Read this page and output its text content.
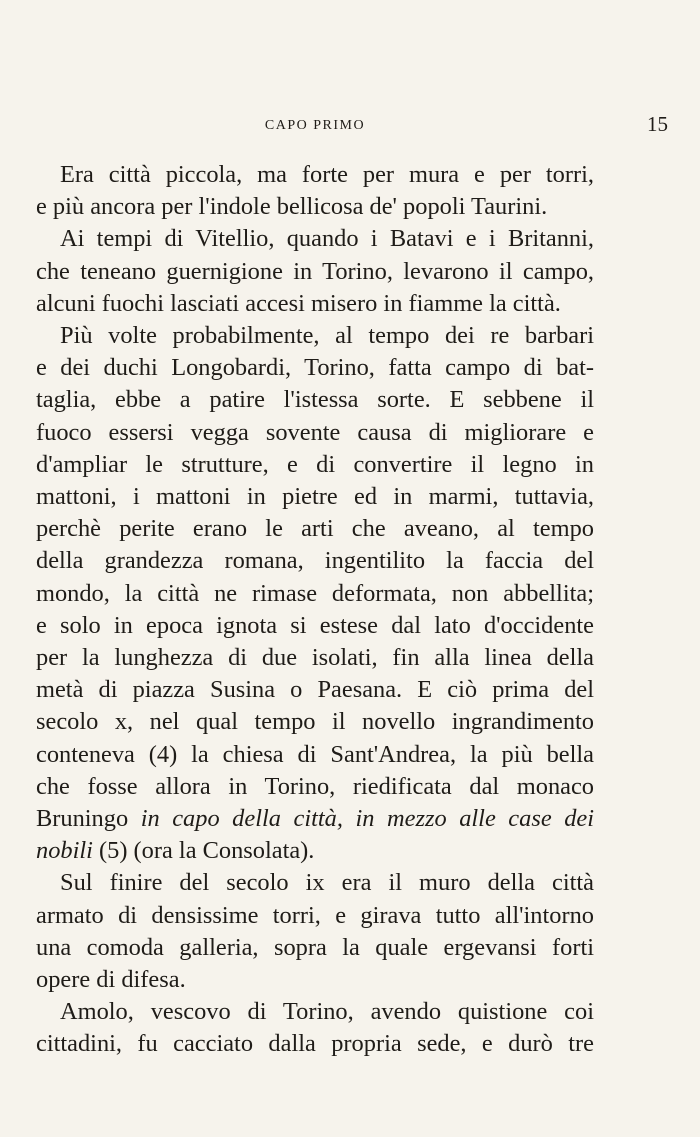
CAPO PRIMO	15

Era città piccola, ma forte per mura e per torri,
e più ancora per l'indole bellicosa de' popoli Taurini.

Ai tempi di Vitellio, quando i Batavi e i Britanni,
che teneano guernigione in Torino, levarono il campo,
alcuni fuochi lasciati accesi misero in fiamme la città.

Più volte probabilmente, al tempo dei re barbari
e dei duchi Longobardi, Torino, fatta campo di bat-
taglia, ebbe a patire l'istessa sorte. E sebbene il
fuoco essersi vegga sovente causa di migliorare e
d'ampliar le strutture, e di convertire il legno in
mattoni, i mattoni in pietre ed in marmi, tuttavia,
perchè perite erano le arti che aveano, al tempo
della grandezza romana, ingentilito la faccia del
mondo, la città ne rimase deformata, non abbellita;
e solo in epoca ignota si estese dal lato d'occidente
per la lunghezza di due isolati, fin alla linea della
metà di piazza Susina o Paesana. E ciò prima del
secolo x, nel qual tempo il novello ingrandimento
conteneva (4) la chiesa di Sant'Andrea, la più bella
che fosse allora in Torino, riedificata dal monaco
Bruningo in capo della città, in mezzo alle case dei
nobili (5) (ora la Consolata).

Sul finire del secolo ix era il muro della città
armato di densissime torri, e girava tutto all'intorno
una comoda galleria, sopra la quale ergevansi forti
opere di difesa.

Amolo, vescovo di Torino, avendo quistione coi
cittadini, fu cacciato dalla propria sede, e durò tre
